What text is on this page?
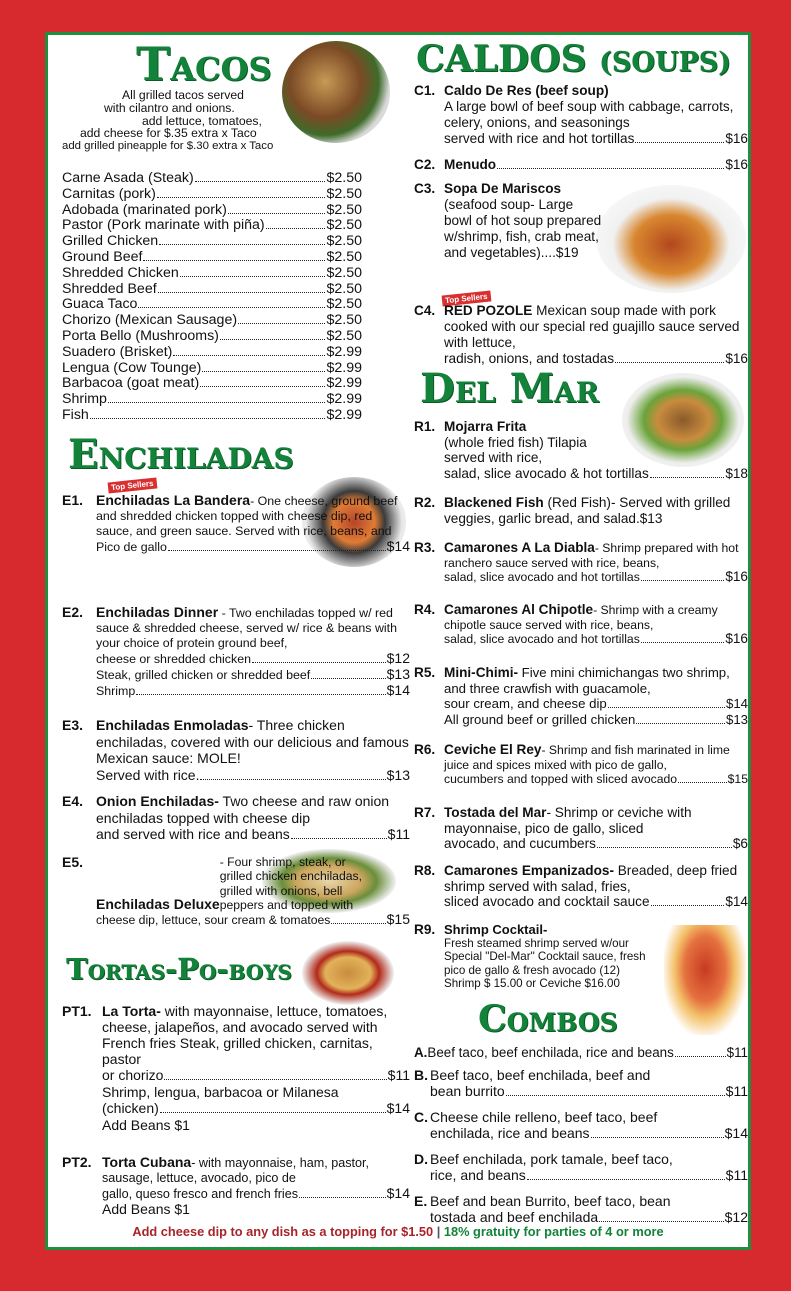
Tacos
All grilled tacos served
with cilantro and onions.
add lettuce, tomatoes,
add cheese for $.35 extra x Taco
add grilled pineapple for $.30 extra x Taco
Carne Asada (Steak)	$2.50
Carnitas (pork)	$2.50
Adobada (marinated pork)	$2.50
Pastor (Pork marinate with piña)	$2.50
Grilled Chicken	$2.50
Ground Beef	$2.50
Shredded Chicken	$2.50
Shredded Beef	$2.50
Guaca Taco	$2.50
Chorizo (Mexican Sausage)	$2.50
Porta Bello (Mushrooms)	$2.50
Suadero (Brisket)	$2.99
Lengua (Cow Tounge)	$2.99
Barbacoa (goat meat)	$2.99
Shrimp	$2.99
Fish	$2.99
Enchiladas
Top Sellers
E1. Enchiladas La Bandera- One cheese, ground beef and shredded chicken topped with cheese dip, red sauce, and green sauce. Served with rice, beans, and
Pico de gallo	$14
E2. Enchiladas Dinner - Two enchiladas topped w/ red sauce & shredded cheese, served w/ rice & beans with your choice of protein ground beef,
cheese or shredded chicken	$12
Steak, grilled chicken or shredded beef	$13
Shrimp	$14
E3. Enchiladas Enmoladas- Three chicken enchiladas, covered with our delicious and famous Mexican sauce: MOLE!
Served with rice.	$13
E4. Onion Enchiladas- Two cheese and raw onion enchiladas topped with cheese dip
and served with rice and beans	$11
E5.
Enchiladas Deluxe- Four shrimp, steak, or grilled chicken enchiladas, grilled with onions, bell peppers and topped with
cheese dip, lettuce, sour cream & tomatoes	$15
Tortas-Po-boys
PT1. La Torta- with mayonnaise, lettuce, tomatoes, cheese, jalapeños, and avocado served with French fries Steak, grilled chicken, carnitas, pastor
or chorizo	$11
Shrimp, lengua, barbacoa or Milanesa
(chicken)	$14
Add Beans $1
PT2. Torta Cubana- with mayonnaise, ham, pastor, sausage, lettuce, avocado, pico de
gallo, queso fresco and french fries	$14
Add Beans $1
CALDOS (SOUPS)
C1. Caldo De Res (beef soup)
A large bowl of beef soup with cabbage, carrots, celery, onions, and seasonings
served with rice and hot tortillas	$16
C2. Menudo	$16
C3. Sopa De Mariscos
(seafood soup- Large bowl of hot soup prepared w/shrimp, fish, crab meat, and vegetables)....$19
Top Sellers
C4. RED POZOLE Mexican soup made with pork cooked with our special red guajillo sauce served with lettuce,
radish, onions, and tostadas	$16
Del Mar
R1. Mojarra Frita
(whole fried fish) Tilapia served with rice,
salad, slice avocado & hot tortillas	$18
R2. Blackened Fish (Red Fish)- Served with grilled veggies, garlic bread, and salad.$13
R3. Camarones A La Diabla- Shrimp prepared with hot ranchero sauce served with rice, beans,
salad, slice avocado and hot tortillas	$16
R4. Camarones Al Chipotle- Shrimp with a creamy chipotle sauce served with rice, beans,
salad, slice avocado and hot tortillas	$16
R5. Mini-Chimi- Five mini chimichangas two shrimp, and three crawfish with guacamole,
sour cream, and cheese dip	$14
All ground beef or grilled chicken	$13
R6. Ceviche El Rey- Shrimp and fish marinated in lime juice and spices mixed with pico de gallo,
cucumbers and topped with sliced avocado	$15
R7. Tostada del Mar- Shrimp or ceviche with mayonnaise, pico de gallo, sliced
avocado, and cucumbers	$6
R8. Camarones Empanizados- Breaded, deep fried shrimp served with salad, fries,
sliced avocado and cocktail sauce	$14
R9. Shrimp Cocktail-
Fresh steamed shrimp served w/our Special "Del-Mar" Cocktail sauce, fresh pico de gallo & fresh avocado (12) Shrimp $ 15.00 or Ceviche $16.00
Combos
A.Beef taco, beef enchilada, rice and beans	$11
B. Beef taco, beef enchilada, beef and
bean burrito	$11
C. Cheese chile relleno, beef taco, beef
enchilada, rice and beans	$14
D. Beef enchilada, pork tamale, beef taco,
rice, and beans	$11
E. Beef and bean Burrito, beef taco, bean
tostada and beef enchilada	$12
Add cheese dip to any dish as a topping for $1.50 | 18% gratuity for parties of 4 or more
